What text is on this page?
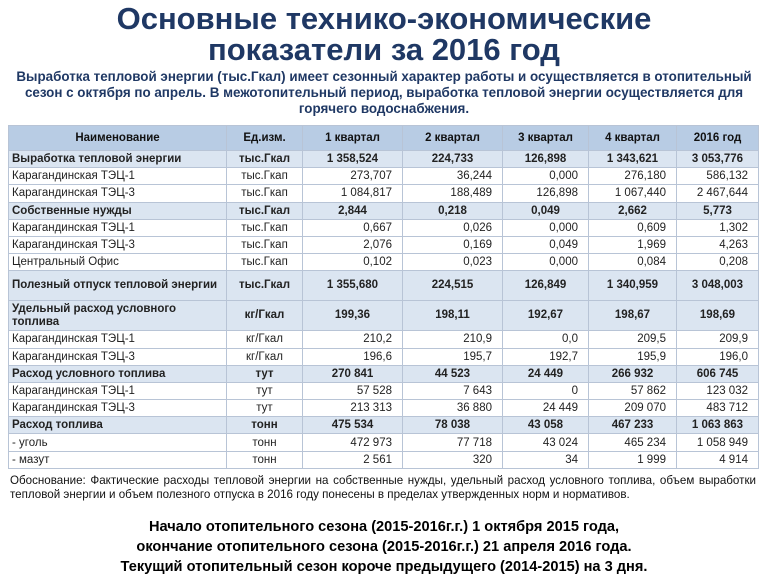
Основные технико-экономические
показатели за 2016 год
Выработка тепловой энергии (тыс.Гкал) имеет сезонный характер работы и осуществляется в отопительный сезон с октября по апрель. В межотопительный период, выработка тепловой энергии осуществляется для горячего водоснабжения.
Наименование	Ед.изм.	1 квартал	2 квартал	3 квартал	4 квартал	2016 год
Выработка тепловой энергии	тыс.Гкал	1 358,524	224,733	126,898	1 343,621	3 053,776
Карагандинская ТЭЦ-1	тыс.Гкап	273,707	36,244	0,000	276,180	586,132
Карагандинская ТЭЦ-3	тыс.Гкап	1 084,817	188,489	126,898	1 067,440	2 467,644
Собственные нужды	тыс.Гкал	2,844	0,218	0,049	2,662	5,773
Карагандинская ТЭЦ-1	тыс.Гкап	0,667	0,026	0,000	0,609	1,302
Карагандинская ТЭЦ-3	тыс.Гкап	2,076	0,169	0,049	1,969	4,263
Центральный Офис	тыс.Гкап	0,102	0,023	0,000	0,084	0,208
Полезный отпуск тепловой энергии	тыс.Гкал	1 355,680	224,515	126,849	1 340,959	3 048,003
Удельный расход условного топлива	кг/Гкал	199,36	198,11	192,67	198,67	198,69
Карагандинская ТЭЦ-1	кг/Гкал	210,2	210,9	0,0	209,5	209,9
Карагандинская ТЭЦ-3	кг/Гкал	196,6	195,7	192,7	195,9	196,0
Расход условного топлива	тут	270 841	44 523	24 449	266 932	606 745
Карагандинская ТЭЦ-1	тут	57 528	7 643	0	57 862	123 032
Карагандинская ТЭЦ-3	тут	213 313	36 880	24 449	209 070	483 712
Расход топлива	тонн	475 534	78 038	43 058	467 233	1 063 863
- уголь	тонн	472 973	77 718	43 024	465 234	1 058 949
- мазут	тонн	2 561	320	34	1 999	4 914
Обоснование: Фактические расходы тепловой энергии на собственные нужды, удельный расход условного топлива, объем выработки тепловой энергии и объем полезного отпуска в 2016 году понесены в пределах утвержденных норм и нормативов.
Начало отопительного сезона (2015-2016г.г.) 1 октября 2015 года,
окончание отопительного сезона (2015-2016г.г.) 21 апреля 2016 года.
Текущий отопительный сезон короче предыдущего (2014-2015) на 3 дня.
